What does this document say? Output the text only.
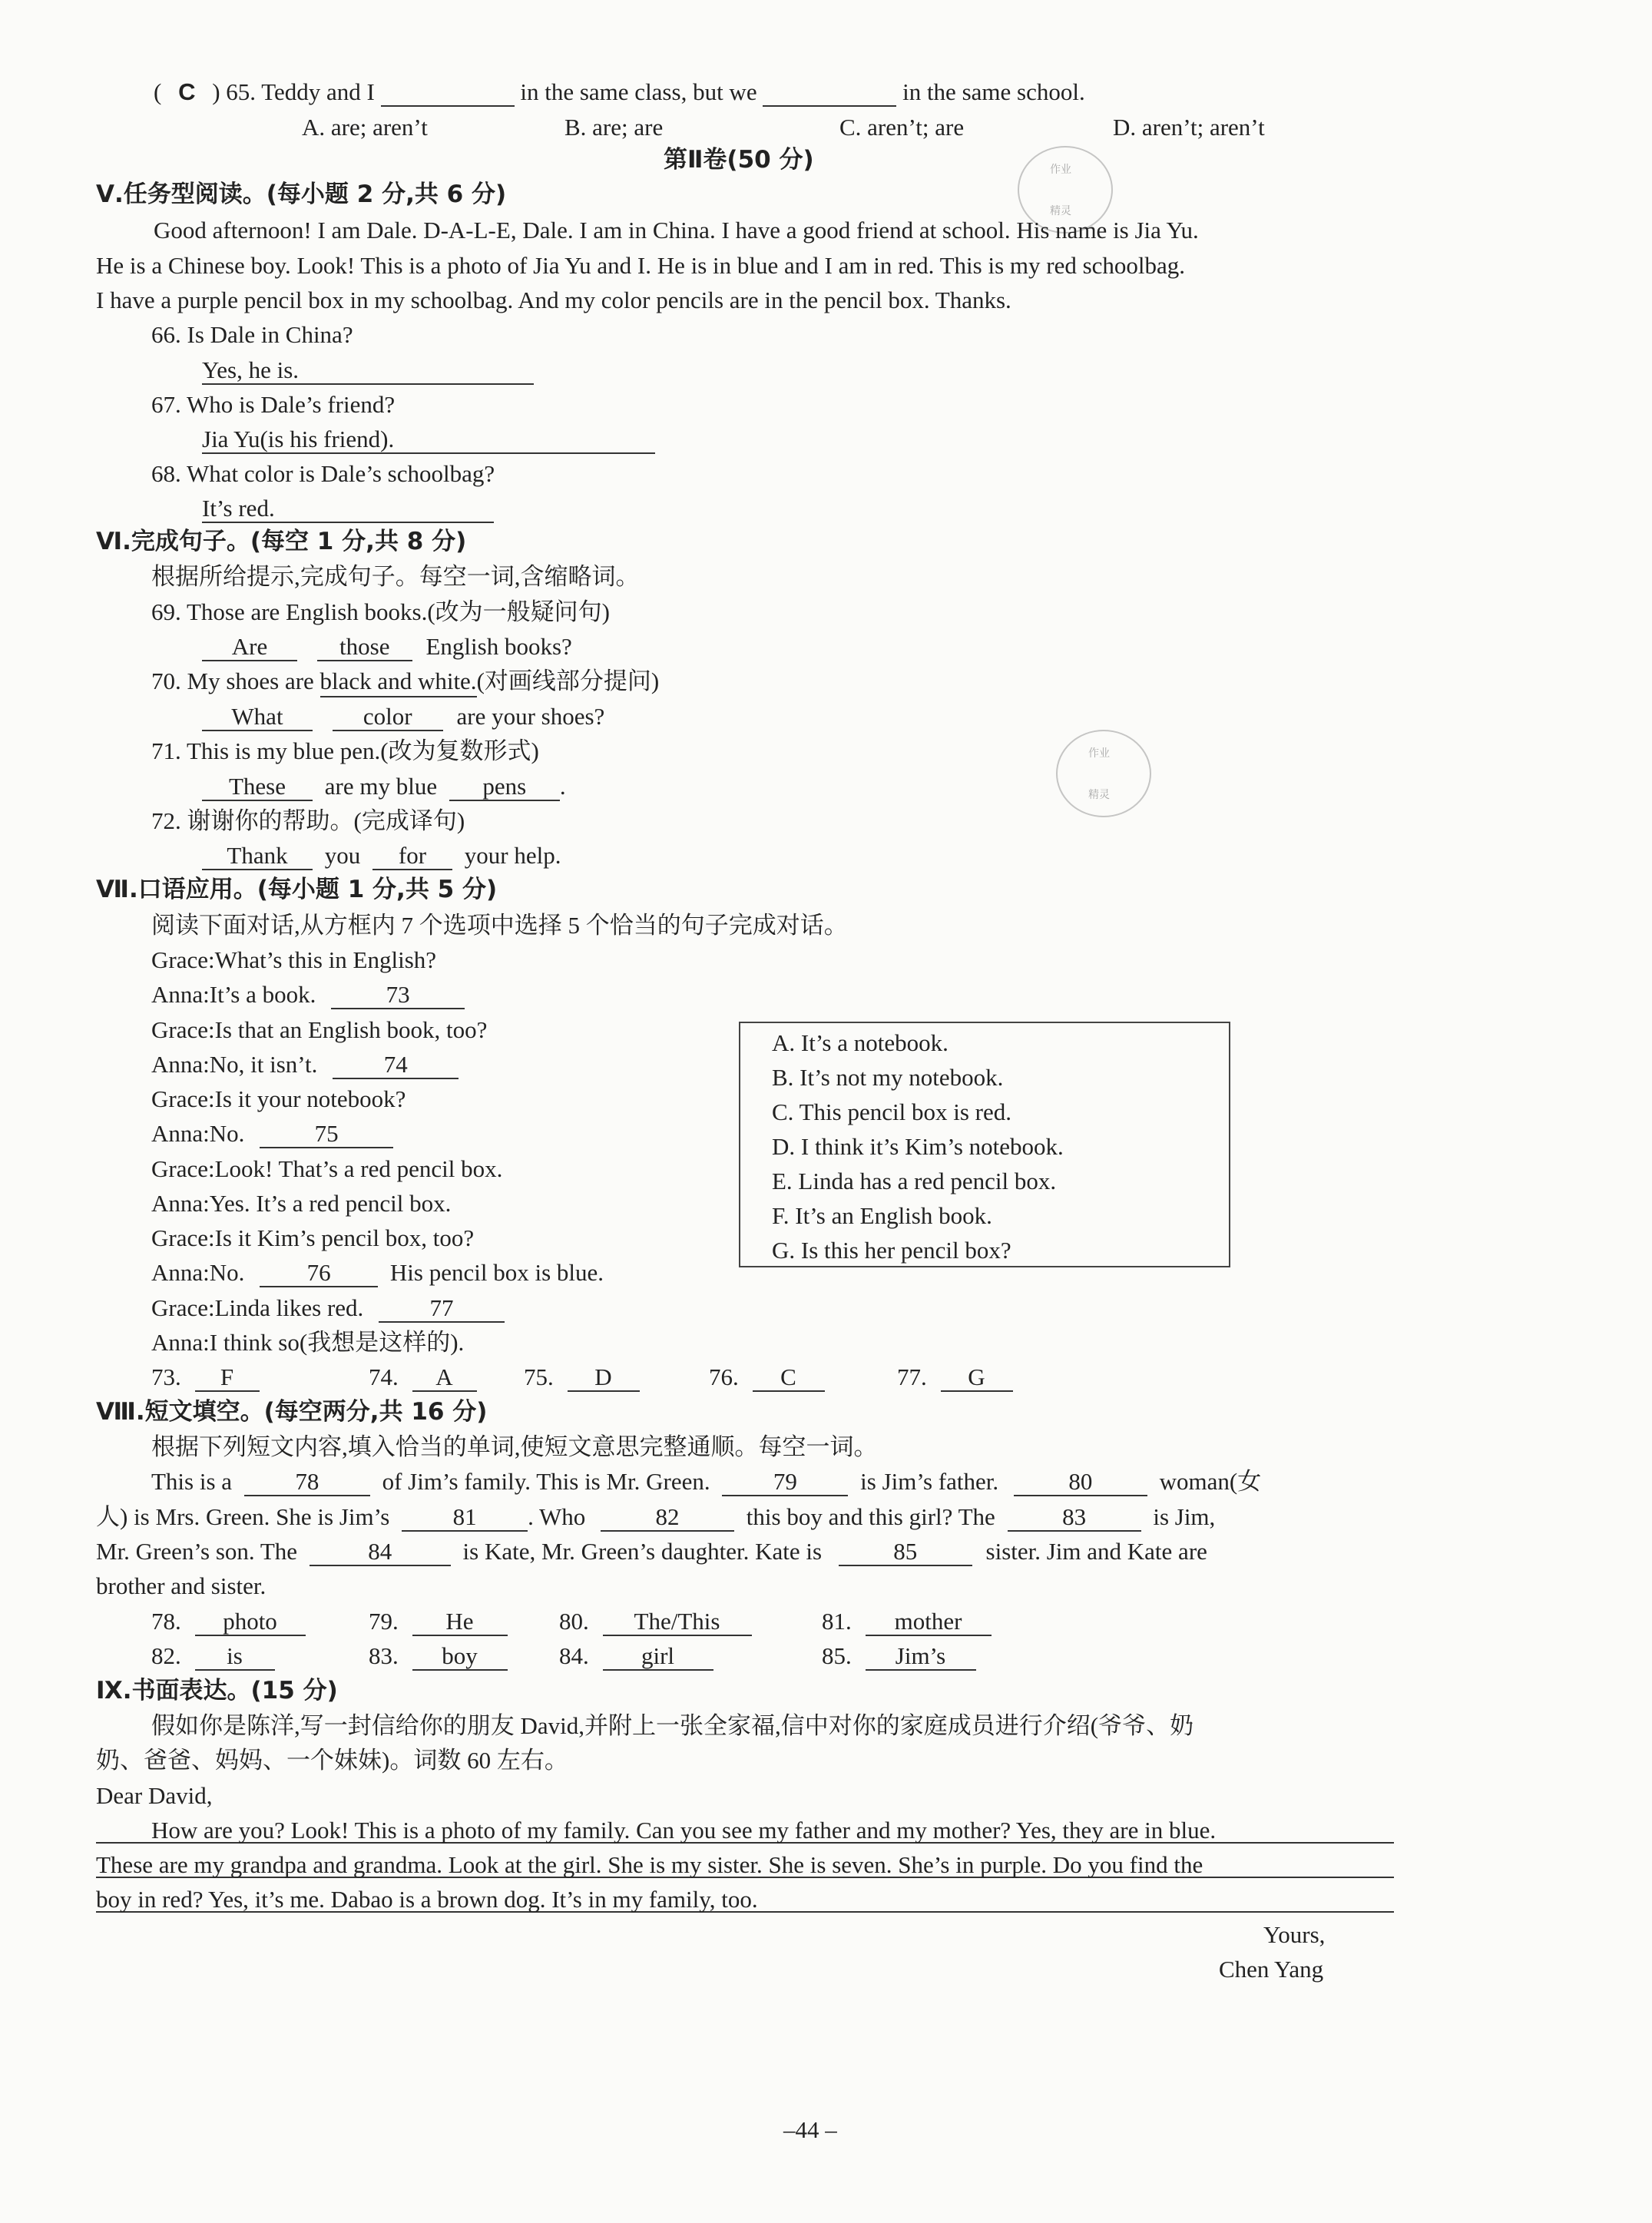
( C ) 65. Teddy and I	in the same class, but we	in the same school.
A. are; aren’t	B. are; are	C. aren’t; are	D. aren’t; aren’t
第Ⅱ卷(50 分)	作业
精灵
Ⅴ.任务型阅读。(每小题 2 分,共 6 分)
Good afternoon! I am Dale. D-A-L-E, Dale. I am in China. I have a good friend at school. His name is Jia Yu.
He is a Chinese boy. Look! This is a photo of Jia Yu and I. He is in blue and I am in red. This is my red schoolbag.
I have a purple pencil box in my schoolbag. And my color pencils are in the pencil box. Thanks.
66. Is Dale in China?
Yes, he is.
67. Who is Dale’s friend?
Jia Yu(is his friend).
68. What color is Dale’s schoolbag?
It’s red.
Ⅵ.完成句子。(每空 1 分,共 8 分)
根据所给提示,完成句子。每空一词,含缩略词。
69. Those are English books.(改为一般疑问句)
Are	those English books?
70. My shoes are black and white.(对画线部分提问)
What	color are your shoes?
71. This is my blue pen.(改为复数形式)
These are my blue pens .
72. 谢谢你的帮助。(完成译句)
Thank you for your help.
作业
精灵
Ⅶ.口语应用。(每小题 1 分,共 5 分)
阅读下面对话,从方框内 7 个选项中选择 5 个恰当的句子完成对话。
Grace:What’s this in English?
Anna:It’s a book.	73
Grace:Is that an English book, too?
Anna:No, it isn’t.	74
Grace:Is it your notebook?
Anna:No.	75
Grace:Look! That’s a red pencil box.
Anna:Yes. It’s a red pencil box.
Grace:Is it Kim’s pencil box, too?
Anna:No.	76 His pencil box is blue.
Grace:Linda likes red.	77
Anna:I think so(我想是这样的).
A. It’s a notebook.
B. It’s not my notebook.
C. This pencil box is red.
D. I think it’s Kim’s notebook.
E. Linda has a red pencil box.
F. It’s an English book.
G. Is this her pencil box?
73. F	74. A	75. D	76. C	77. G
Ⅷ.短文填空。(每空两分,共 16 分)
根据下列短文内容,填入恰当的单词,使短文意思完整通顺。每空一词。
This is a	78	of Jim’s family. This is Mr. Green.	79	is Jim’s father.	80	woman(女
人) is Mrs. Green. She is Jim’s	81 . Who	82	this boy and this girl? The	83	is Jim,
Mr. Green’s son. The	84	is Kate, Mr. Green’s daughter. Kate is	85	sister. Jim and Kate are
brother and sister.
78. photo	79. He	80. The/This	81. mother
82. is	83. boy	84. girl	85. Jim’s
Ⅸ.书面表达。(15 分)
假如你是陈洋,写一封信给你的朋友 David,并附上一张全家福,信中对你的家庭成员进行介绍(爷爷、奶
奶、爸爸、妈妈、一个妹妹)。词数 60 左右。
Dear David,
How are you? Look! This is a photo of my family. Can you see my father and my mother? Yes, they are in blue.
These are my grandpa and grandma. Look at the girl. She is my sister. She is seven. She’s in purple. Do you find the
boy in red? Yes, it’s me. Dabao is a brown dog. It’s in my family, too.
Yours,
Chen Yang
–44 –
